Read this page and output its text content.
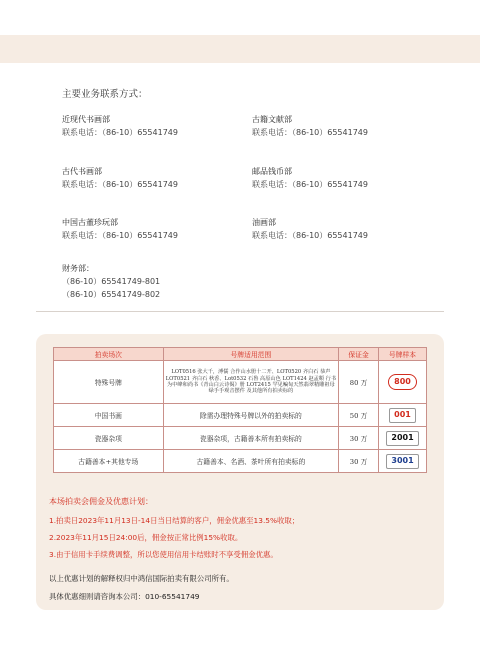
主要业务联系方式：
近现代书画部
联系电话：（86-10）65541749
古籍文献部
联系电话：（86-10）65541749
古代书画部
联系电话：（86-10）65541749
邮品钱币部
联系电话：（86-10）65541749
中国古董珍玩部
联系电话：（86-10）65541749
油画部
联系电话：（86-10）65541749
财务部：
（86-10）65541749-801
（86-10）65541749-802
拍卖场次	号牌适用范围	保证金	号牌样本
特殊号牌	LOT0516 张大千，溥儒 合作山水册十二开、LOT0520 齐白石 恭声 LOT0521 齐白石 秋香、Lot0532 石鲁 高原山色 LOT1424 赵孟頫 行书为中峰和尚书《青山白云诗偈》册 LOT2415 罕见鳊匋天然翡翠精雕祖母绿手手观音摆件 及其他所有拍卖标的	80 万	800
中国书画	除需办理特殊号牌以外的拍卖标的	50 万	001

瓷器杂项	瓷器杂项，古籍善本所有拍卖标的	30 万	2001

古籍善本+其他专场	古籍善本、名酒、茶叶所有拍卖标的	30 万	3001
本场拍卖会佣金及优惠计划：
1.拍卖日2023年11月13日-14日当日结算的客户，佣金优惠至13.5%收取；
2.2023年11月15日24:00后，佣金按正常比例15%收取。
3.由于信用卡手续费调整，所以您使用信用卡结账时不享受佣金优惠。
以上优惠计划的解释权归中鸿信国际拍卖有限公司所有。
具体优惠细则请咨询本公司：010-65541749
